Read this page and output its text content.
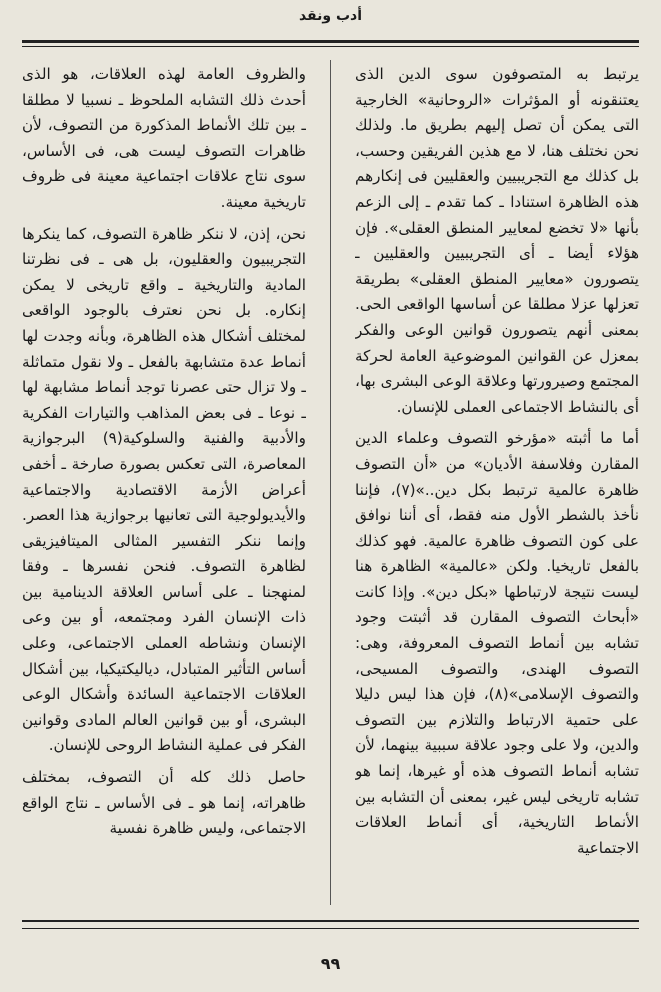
أدب ونقد

يرتبط به المتصوفون سوى الدين الذى يعتنقونه أو المؤثرات «الروحانية» الخارجية التى يمكن أن تصل إليهم بطريق ما. ولذلك نحن نختلف هنا، لا مع هذين الفريقين وحسب، بل كذلك مع التجريبيين والعقليين فى إنكارهم هذه الظاهرة استنادا ـ كما تقدم ـ إلى الزعم بأنها «لا تخضع لمعايير المنطق العقلى». فإن هؤلاء أيضا ـ أى التجريبيين والعقليين ـ يتصورون «معايير المنطق العقلى» بطريقة تعزلها عزلا مطلقا عن أساسها الواقعى الحى. بمعنى أنهم يتصورون قوانين الوعى والفكر بمعزل عن القوانين الموضوعية العامة لحركة المجتمع وصيرورتها وعلاقة الوعى البشرى بها، أى بالنشاط الاجتماعى العملى للإنسان.

أما ما أثبته «مؤرخو التصوف وعلماء الدين المقارن وفلاسفة الأديان» من «أن التصوف ظاهرة عالمية ترتبط بكل دين..»(٧)، فإننا نأخذ بالشطر الأول منه فقط، أى أننا نوافق على كون التصوف ظاهرة عالمية. فهو كذلك بالفعل تاريخيا. ولكن «عالمية» الظاهرة هنا ليست نتيجة لارتباطها «بكل دين». وإذا كانت «أبحاث التصوف المقارن قد أثبتت وجود تشابه بين أنماط التصوف المعروفة، وهى: التصوف الهندى، والتصوف المسيحى، والتصوف الإسلامى»(٨)، فإن هذا ليس دليلا على حتمية الارتباط والتلازم بين التصوف والدين، ولا على وجود علاقة سببية بينهما، لأن تشابه أنماط التصوف هذه أو غيرها، إنما هو تشابه تاريخى ليس غير، بمعنى أن التشابه بين الأنماط التاريخية، أى أنماط العلاقات الاجتماعية

والظروف العامة لهذه العلاقات، هو الذى أحدث ذلك التشابه الملحوظ ـ نسبيا لا مطلقا ـ بين تلك الأنماط المذكورة من التصوف، لأن ظاهرات التصوف ليست هى، فى الأساس، سوى نتاج علاقات اجتماعية معينة فى ظروف تاريخية معينة.

نحن، إذن، لا ننكر ظاهرة التصوف، كما ينكرها التجريبيون والعقليون، بل هى ـ فى نظرتنا المادية والتاريخية ـ واقع تاريخى لا يمكن إنكاره. بل نحن نعترف بالوجود الواقعى لمختلف أشكال هذه الظاهرة، وبأنه وجدت لها أنماط عدة متشابهة بالفعل ـ ولا نقول متماثلة ـ ولا تزال حتى عصرنا توجد أنماط مشابهة لها ـ نوعا ـ فى بعض المذاهب والتيارات الفكرية والأدبية والفنية والسلوكية(٩) البرجوازية المعاصرة، التى تعكس بصورة صارخة ـ أخفى أعراض الأزمة الاقتصادية والاجتماعية والأيديولوجية التى تعانيها برجوازية هذا العصر. وإنما ننكر التفسير المثالى الميتافيزيقى لظاهرة التصوف. فنحن نفسرها ـ وفقا لمنهجنا ـ على أساس العلاقة الدينامية بين ذات الإنسان الفرد ومجتمعه، أو بين وعى الإنسان ونشاطه العملى الاجتماعى، وعلى أساس التأثير المتبادل، دياليكتيكيا، بين أشكال العلاقات الاجتماعية السائدة وأشكال الوعى البشرى، أو بين قوانين العالم المادى وقوانين الفكر فى عملية النشاط الروحى للإنسان.

حاصل ذلك كله أن التصوف، بمختلف ظاهراته، إنما هو ـ فى الأساس ـ نتاج الواقع الاجتماعى، وليس ظاهرة نفسية

٩٩
